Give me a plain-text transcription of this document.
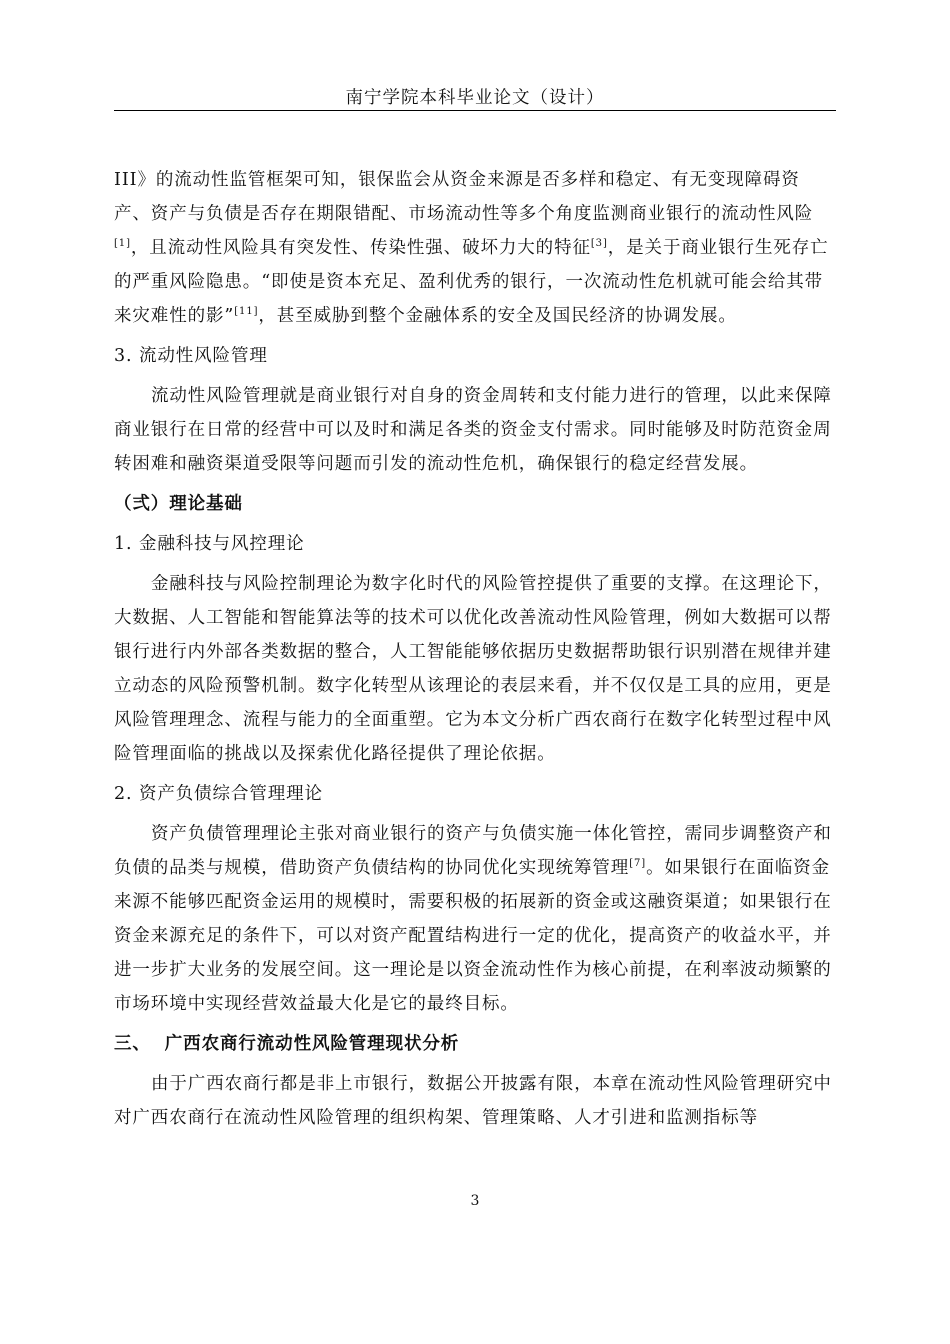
南宁学院本科毕业论文（设计）

III》的流动性监管框架可知，银保监会从资金来源是否多样和稳定、有无变现障碍资产、资产与负债是否存在期限错配、市场流动性等多个角度监测商业银行的流动性风险[1]，且流动性风险具有突发性、传染性强、破坏力大的特征[3]，是关于商业银行生死存亡的严重风险隐患。“即使是资本充足、盈利优秀的银行，一次流动性危机就可能会给其带来灾难性的影”[11]，甚至威胁到整个金融体系的安全及国民经济的协调发展。

3. 流动性风险管理

流动性风险管理就是商业银行对自身的资金周转和支付能力进行的管理，以此来保障商业银行在日常的经营中可以及时和满足各类的资金支付需求。同时能够及时防范资金周转困难和融资渠道受限等问题而引发的流动性危机，确保银行的稳定经营发展。

（弍）理论基础

1. 金融科技与风控理论

金融科技与风险控制理论为数字化时代的风险管控提供了重要的支撑。在这理论下，大数据、人工智能和智能算法等的技术可以优化改善流动性风险管理，例如大数据可以帮银行进行内外部各类数据的整合，人工智能能够依据历史数据帮助银行识别潜在规律并建立动态的风险预警机制。数字化转型从该理论的表层来看，并不仅仅是工具的应用，更是风险管理理念、流程与能力的全面重塑。它为本文分析广西农商行在数字化转型过程中风险管理面临的挑战以及探索优化路径提供了理论依据。

2. 资产负债综合管理理论

资产负债管理理论主张对商业银行的资产与负债实施一体化管控，需同步调整资产和负债的品类与规模，借助资产负债结构的协同优化实现统筹管理[7]。如果银行在面临资金来源不能够匹配资金运用的规模时，需要积极的拓展新的资金或这融资渠道；如果银行在资金来源充足的条件下，可以对资产配置结构进行一定的优化，提高资产的收益水平，并进一步扩大业务的发展空间。这一理论是以资金流动性作为核心前提，在利率波动频繁的市场环境中实现经营效益最大化是它的最终目标。

三、  广西农商行流动性风险管理现状分析

由于广西农商行都是非上市银行，数据公开披露有限，本章在流动性风险管理研究中对广西农商行在流动性风险管理的组织构架、管理策略、人才引进和监测指标等

3
